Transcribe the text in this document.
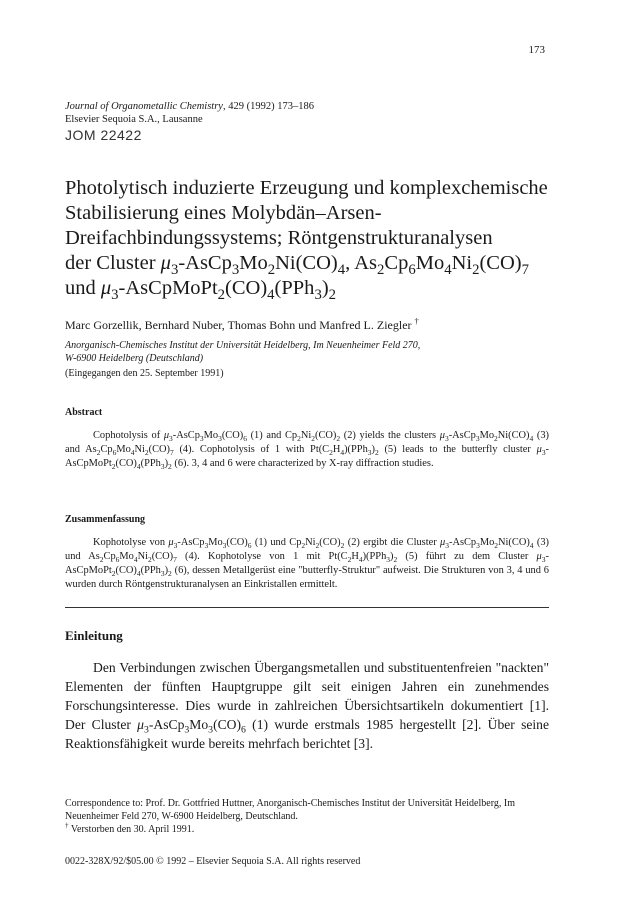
173
Journal of Organometallic Chemistry, 429 (1992) 173–186
Elsevier Sequoia S.A., Lausanne
JOM 22422
Photolytisch induzierte Erzeugung und komplexchemische
Stabilisierung eines Molybdän–Arsen-
Dreifachbindungssystems; Röntgenstrukturanalysen
der Cluster $\mu_3-AsCp_3Mo_2Ni(CO)_4$, $As_2Cp_6Mo_4Ni_2(CO)_7$
und $\mu_3-AsCpMoPt_2(CO)_4(PPh_3)_2$
Marc Gorzellik, Bernhard Nuber, Thomas Bohn und Manfred L. Ziegler †
Anorganisch-Chemisches Institut der Universität Heidelberg, Im Neuenheimer Feld 270,
W-6900 Heidelberg (Deutschland)
(Eingegangen den 25. September 1991)
Abstract
Cophotolysis of $\mu_3-AsCp_3Mo_3(CO)_6$ (1) and $Cp_2Ni_2(CO)_2$ (2) yields the clusters $\mu_3-AsCp_3Mo_2Ni(CO)_4$ (3) and $As_2Cp_6Mo_4Ni_2(CO)_7$ (4). Cophotolysis of 1 with $Pt(C_2H_4)(PPh_3)_2$ (5) leads to the butterfly cluster $\mu_3-AsCpMoPt_2(CO)_4(PPh_3)_2$ (6). 3, 4 and 6 were characterized by X-ray diffraction studies.
Zusammenfassung
Kophotolyse von $\mu_3-AsCp_3Mo_3(CO)_6$ (1) und $Cp_2Ni_2(CO)_2$ (2) ergibt die Cluster $\mu_3-AsCp_3Mo_2Ni(CO)_4$ (3) und $As_2Cp_6Mo_4Ni_2(CO)_7$ (4). Kophotolyse von 1 mit $Pt(C_2H_4)(PPh_3)_2$ (5) führt zu dem Cluster $\mu_3-AsCpMoPt_2(CO)_4(PPh_3)_2$ (6), dessen Metallgerüst eine "butterfly-Struktur" aufweist. Die Strukturen von 3, 4 und 6 wurden durch Röntgenstrukturanalysen an Einkristallen ermittelt.
Einleitung
Den Verbindungen zwischen Übergangsmetallen und substituentenfreien "nackten" Elementen der fünften Hauptgruppe gilt seit einigen Jahren ein zunehmendes Forschungsinteresse. Dies wurde in zahlreichen Übersichtsartikeln dokumentiert [1]. Der Cluster $\mu_3-AsCp_3Mo_3(CO)_6$ (1) wurde erstmals 1985 hergestellt [2]. Über seine Reaktionsfähigkeit wurde bereits mehrfach berichtet [3].
Correspondence to: Prof. Dr. Gottfried Huttner, Anorganisch-Chemisches Institut der Universität Heidelberg, Im Neuenheimer Feld 270, W-6900 Heidelberg, Deutschland.
† Verstorben den 30. April 1991.
0022-328X/92/$05.00 © 1992 – Elsevier Sequoia S.A. All rights reserved
